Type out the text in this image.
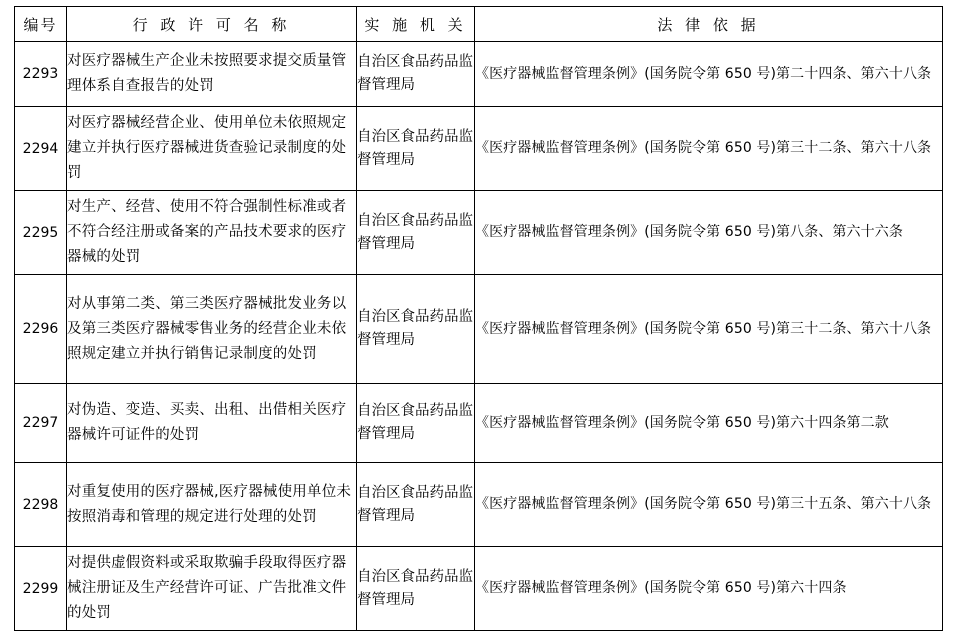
编号	行 政 许 可 名 称	实 施 机 关	法 律 依 据
2293	对医疗器械生产企业未按照要求提交质量管理体系自查报告的处罚	自治区食品药品监督管理局	《医疗器械监督管理条例》(国务院令第 650 号)第二十四条、第六十八条
2294	对医疗器械经营企业、使用单位未依照规定建立并执行医疗器械进货查验记录制度的处罚	自治区食品药品监督管理局	《医疗器械监督管理条例》(国务院令第 650 号)第三十二条、第六十八条
2295	对生产、经营、使用不符合强制性标准或者不符合经注册或备案的产品技术要求的医疗器械的处罚	自治区食品药品监督管理局	《医疗器械监督管理条例》(国务院令第 650 号)第八条、第六十六条
2296	对从事第二类、第三类医疗器械批发业务以及第三类医疗器械零售业务的经营企业未依照规定建立并执行销售记录制度的处罚	自治区食品药品监督管理局	《医疗器械监督管理条例》(国务院令第 650 号)第三十二条、第六十八条
2297	对伪造、变造、买卖、出租、出借相关医疗器械许可证件的处罚	自治区食品药品监督管理局	《医疗器械监督管理条例》(国务院令第 650 号)第六十四条第二款
2298	对重复使用的医疗器械,医疗器械使用单位未按照消毒和管理的规定进行处理的处罚	自治区食品药品监督管理局	《医疗器械监督管理条例》(国务院令第 650 号)第三十五条、第六十八条
2299	对提供虚假资料或采取欺骗手段取得医疗器械注册证及生产经营许可证、广告批准文件的处罚	自治区食品药品监督管理局	《医疗器械监督管理条例》(国务院令第 650 号)第六十四条
